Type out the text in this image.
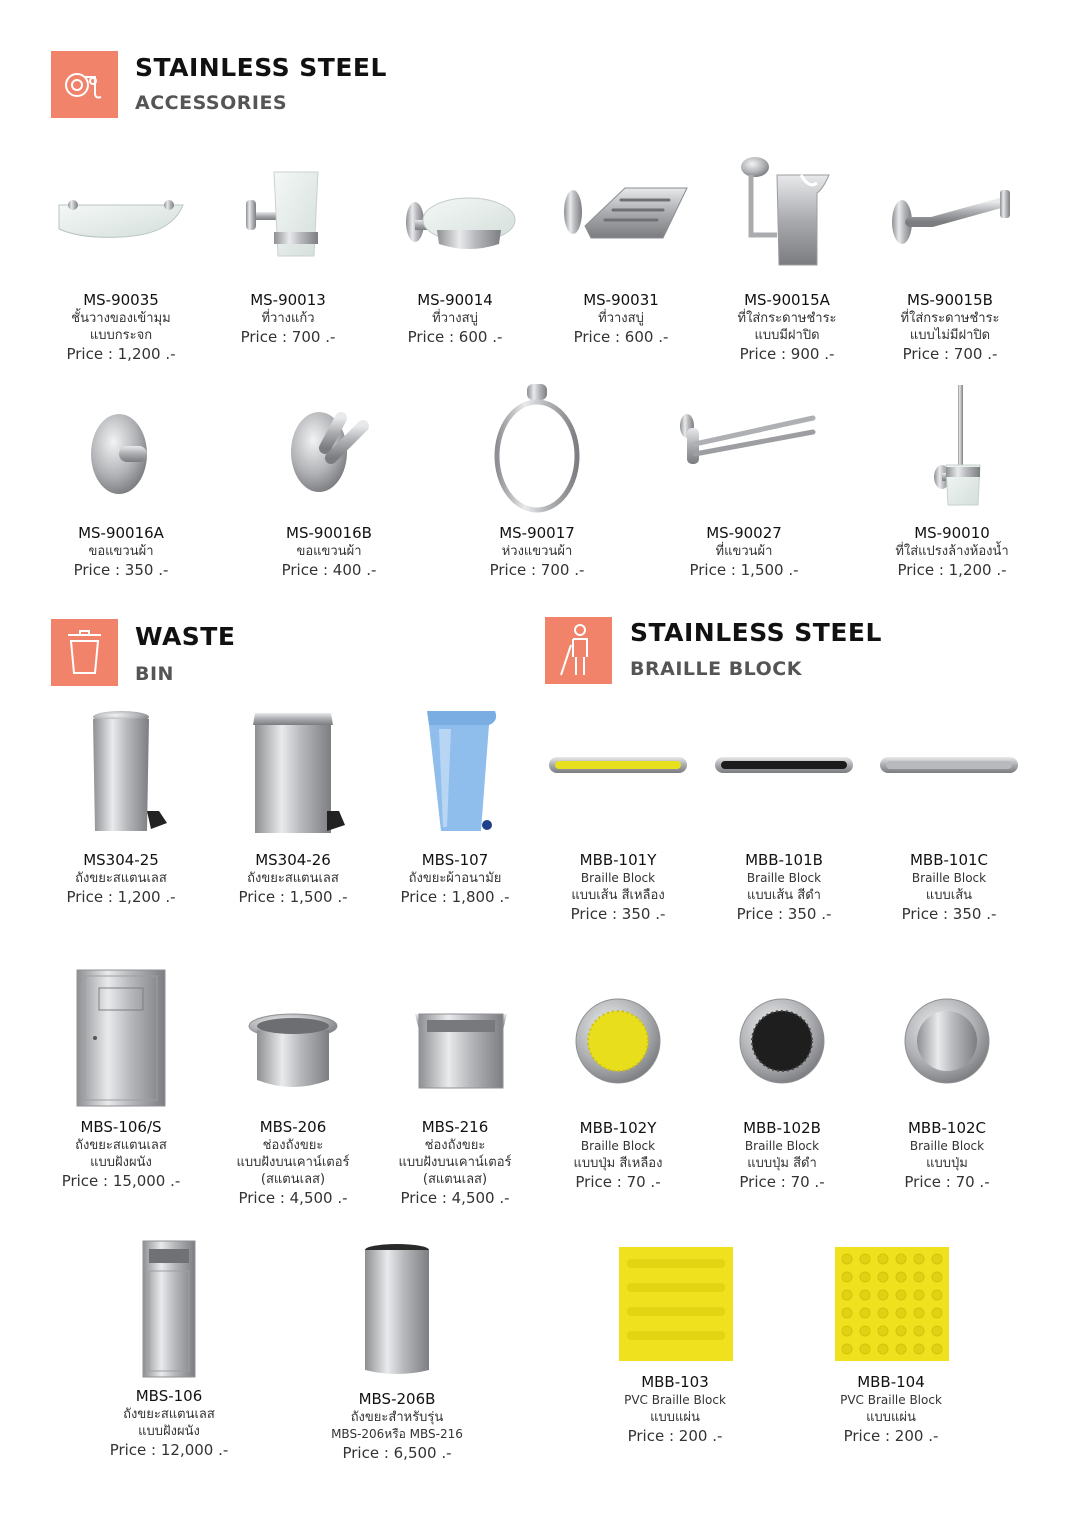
STAINLESS STEEL
ACCESSORIES
WASTE
BIN
STAINLESS STEEL
BRAILLE BLOCK
MS-90035
ชั้นวางของเข้ามุม
แบบกระจก
Price : 1,200 .-
MS-90013
ที่วางแก้ว
Price : 700 .-
MS-90014
ที่วางสบู่
Price : 600 .-
MS-90031
ที่วางสบู่
Price : 600 .-
MS-90015A
ที่ใส่กระดาษชำระ
แบบมีฝาปิด
Price : 900 .-
MS-90015B
ที่ใส่กระดาษชำระ
แบบไม่มีฝาปิด
Price : 700 .-
MS-90016A
ขอแขวนผ้า
Price : 350 .-
MS-90016B
ขอแขวนผ้า
Price : 400 .-
MS-90017
ห่วงแขวนผ้า
Price : 700 .-
MS-90027
ที่แขวนผ้า
Price : 1,500 .-
MS-90010
ที่ใส่แปรงล้างห้องน้ำ
Price : 1,200 .-
MS304-25
ถังขยะสแตนเลส
Price : 1,200 .-
MS304-26
ถังขยะสแตนเลส
Price : 1,500 .-
MBS-107
ถังขยะผ้าอนามัย
Price : 1,800 .-
MBB-101Y
Braille Block
แบบเส้น สีเหลือง
Price : 350 .-
MBB-101B
Braille Block
แบบเส้น สีดำ
Price : 350 .-
MBB-101C
Braille Block
แบบเส้น
Price : 350 .-
MBS-106/S
ถังขยะสแตนเลส
แบบฝังผนัง
Price : 15,000 .-
MBS-206
ช่องถังขยะ
แบบฝังบนเคาน์เตอร์
(สแตนเลส)
Price : 4,500 .-
MBS-216
ช่องถังขยะ
แบบฝังบนเคาน์เตอร์
(สแตนเลส)
Price : 4,500 .-
MBB-102Y
Braille Block
แบบปุ่ม สีเหลือง
Price : 70 .-
MBB-102B
Braille Block
แบบปุ่ม สีดำ
Price : 70 .-
MBB-102C
Braille Block
แบบปุ่ม
Price : 70 .-
MBS-106
ถังขยะสแตนเลส
แบบฝังผนัง
Price : 12,000 .-
MBS-206B
ถังขยะสำหรับรุ่น
MBS-206หรือ MBS-216
Price : 6,500 .-
MBB-103
PVC Braille Block
แบบแผ่น
Price : 200 .-
MBB-104
PVC Braille Block
แบบแผ่น
Price : 200 .-
